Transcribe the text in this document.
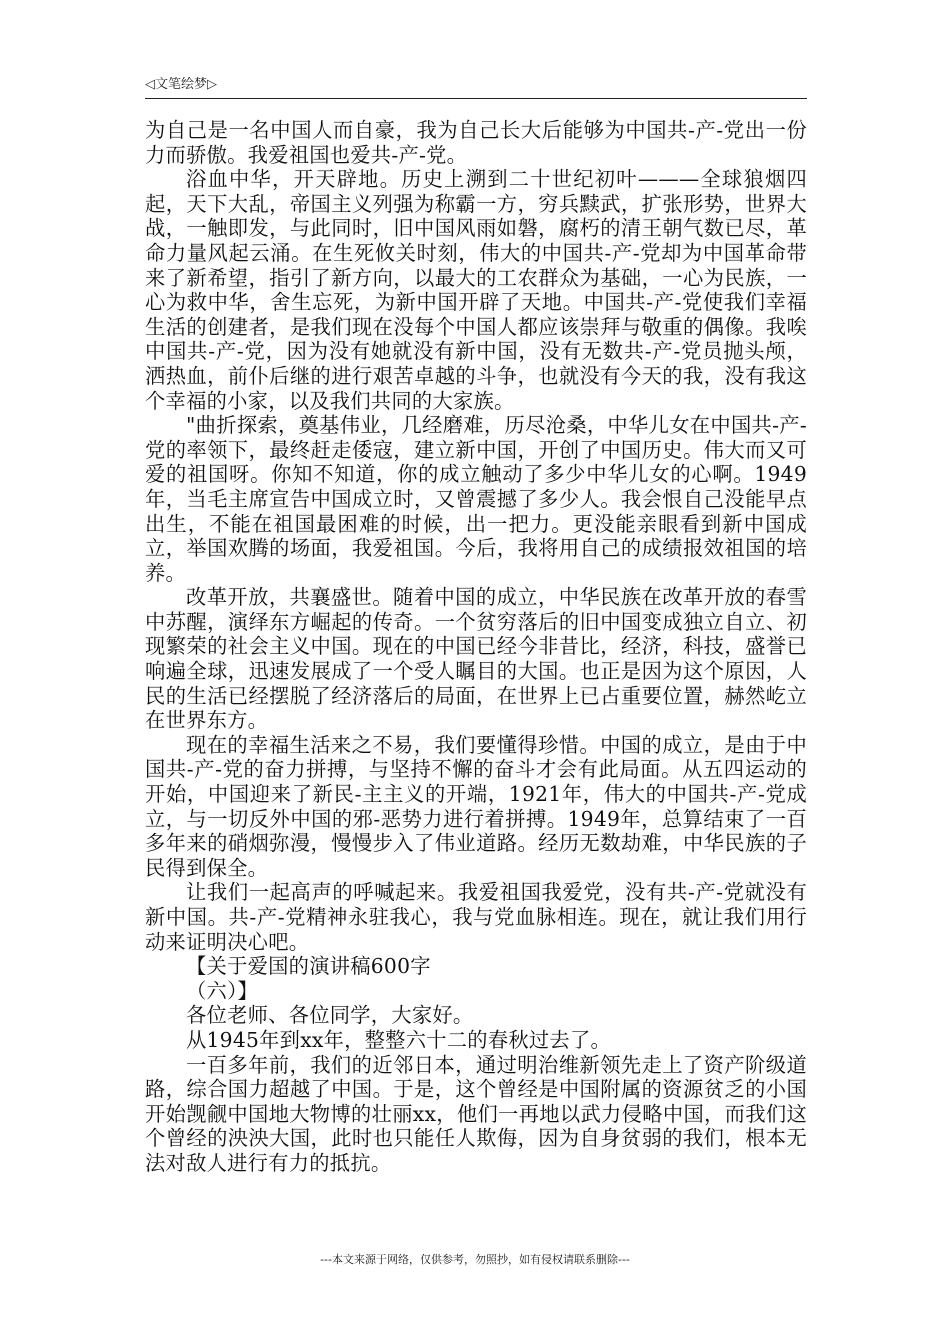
◁文笔绘梦▷

为自己是一名中国人而自豪，我为自己长大后能够为中国共-产-党出一份力而骄傲。我爱祖国也爱共-产-党。

浴血中华，开天辟地。历史上溯到二十世纪初叶———全球狼烟四起，天下大乱，帝国主义列强为称霸一方，穷兵黩武，扩张形势，世界大战，一触即发，与此同时，旧中国风雨如磐，腐朽的清王朝气数已尽，革命力量风起云涌。在生死攸关时刻，伟大的中国共-产-党却为中国革命带来了新希望，指引了新方向，以最大的工农群众为基础，一心为民族，一心为救中华，舍生忘死，为新中国开辟了天地。中国共-产-党使我们幸福生活的创建者，是我们现在没每个中国人都应该崇拜与敬重的偶像。我唉中国共-产-党，因为没有她就没有新中国，没有无数共-产-党员抛头颅，洒热血，前仆后继的进行艰苦卓越的斗争，也就没有今天的我，没有我这个幸福的小家，以及我们共同的大家族。

"曲折探索，奠基伟业，几经磨难，历尽沧桑，中华儿女在中国共-产-党的率领下，最终赶走倭寇，建立新中国，开创了中国历史。伟大而又可爱的祖国呀。你知不知道，你的成立触动了多少中华儿女的心啊。1949年，当毛主席宣告中国成立时，又曾震撼了多少人。我会恨自己没能早点出生，不能在祖国最困难的时候，出一把力。更没能亲眼看到新中国成立，举国欢腾的场面，我爱祖国。今后，我将用自己的成绩报效祖国的培养。

改革开放，共襄盛世。随着中国的成立，中华民族在改革开放的春雪中苏醒，演绎东方崛起的传奇。一个贫穷落后的旧中国变成独立自立、初现繁荣的社会主义中国。现在的中国已经今非昔比，经济，科技，盛誉已响遍全球，迅速发展成了一个受人瞩目的大国。也正是因为这个原因，人民的生活已经摆脱了经济落后的局面，在世界上已占重要位置，赫然屹立在世界东方。

现在的幸福生活来之不易，我们要懂得珍惜。中国的成立，是由于中国共-产-党的奋力拼搏，与坚持不懈的奋斗才会有此局面。从五四运动的开始，中国迎来了新民-主主义的开端，1921年，伟大的中国共-产-党成立，与一切反外中国的邪-恶势力进行着拼搏。1949年，总算结束了一百多年来的硝烟弥漫，慢慢步入了伟业道路。经历无数劫难，中华民族的子民得到保全。

让我们一起高声的呼喊起来。我爱祖国我爱党，没有共-产-党就没有新中国。共-产-党精神永驻我心，我与党血脉相连。现在，就让我们用行动来证明决心吧。

【关于爱国的演讲稿600字

（六）】

各位老师、各位同学，大家好。

从1945年到xx年，整整六十二的春秋过去了。

一百多年前，我们的近邻日本，通过明治维新领先走上了资产阶级道路，综合国力超越了中国。于是，这个曾经是中国附属的资源贫乏的小国开始觊觎中国地大物博的壮丽xx，他们一再地以武力侵略中国，而我们这个曾经的泱泱大国，此时也只能任人欺侮，因为自身贫弱的我们，根本无法对敌人进行有力的抵抗。

---本文来源于网络，仅供参考，勿照抄，如有侵权请联系删除---
